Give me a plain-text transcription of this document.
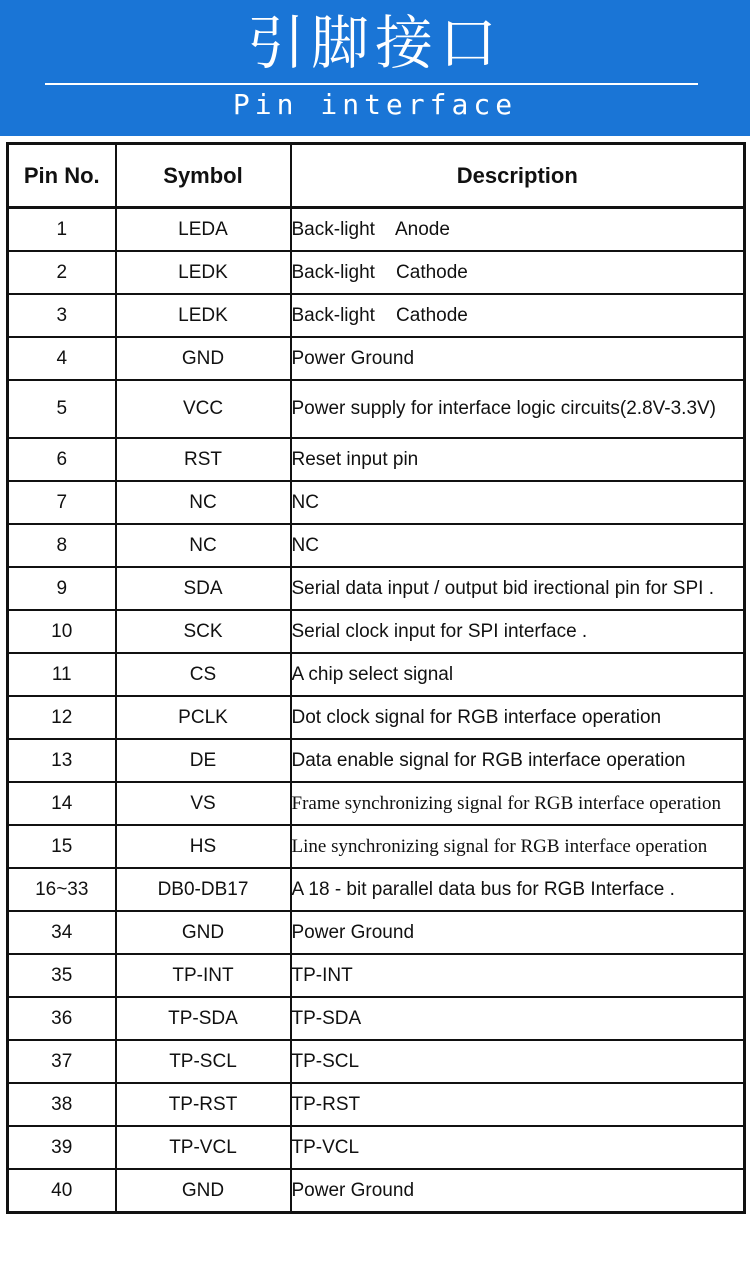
引脚接口
Pin interface
Pin No.	Symbol	Description
1	LEDA	Back-light    Anode
2	LEDK	Back-light    Cathode
3	LEDK	Back-light    Cathode
4	GND	Power Ground
5	VCC	Power supply for interface logic circuits(2.8V-3.3V)
6	RST	Reset input pin
7	NC	NC
8	NC	NC
9	SDA	Serial data input / output bid irectional pin for SPI .
10	SCK	Serial clock input for SPI interface .
11	CS	A chip select signal
12	PCLK	Dot clock signal for RGB interface operation
13	DE	Data enable signal for RGB interface operation
14	VS	Frame synchronizing signal for RGB interface operation
15	HS	Line synchronizing signal for RGB interface operation
16~33	DB0-DB17	A 18 - bit parallel data bus for RGB Interface .
34	GND	Power Ground
35	TP-INT	TP-INT
36	TP-SDA	TP-SDA
37	TP-SCL	TP-SCL
38	TP-RST	TP-RST
39	TP-VCL	TP-VCL
40	GND	Power Ground
